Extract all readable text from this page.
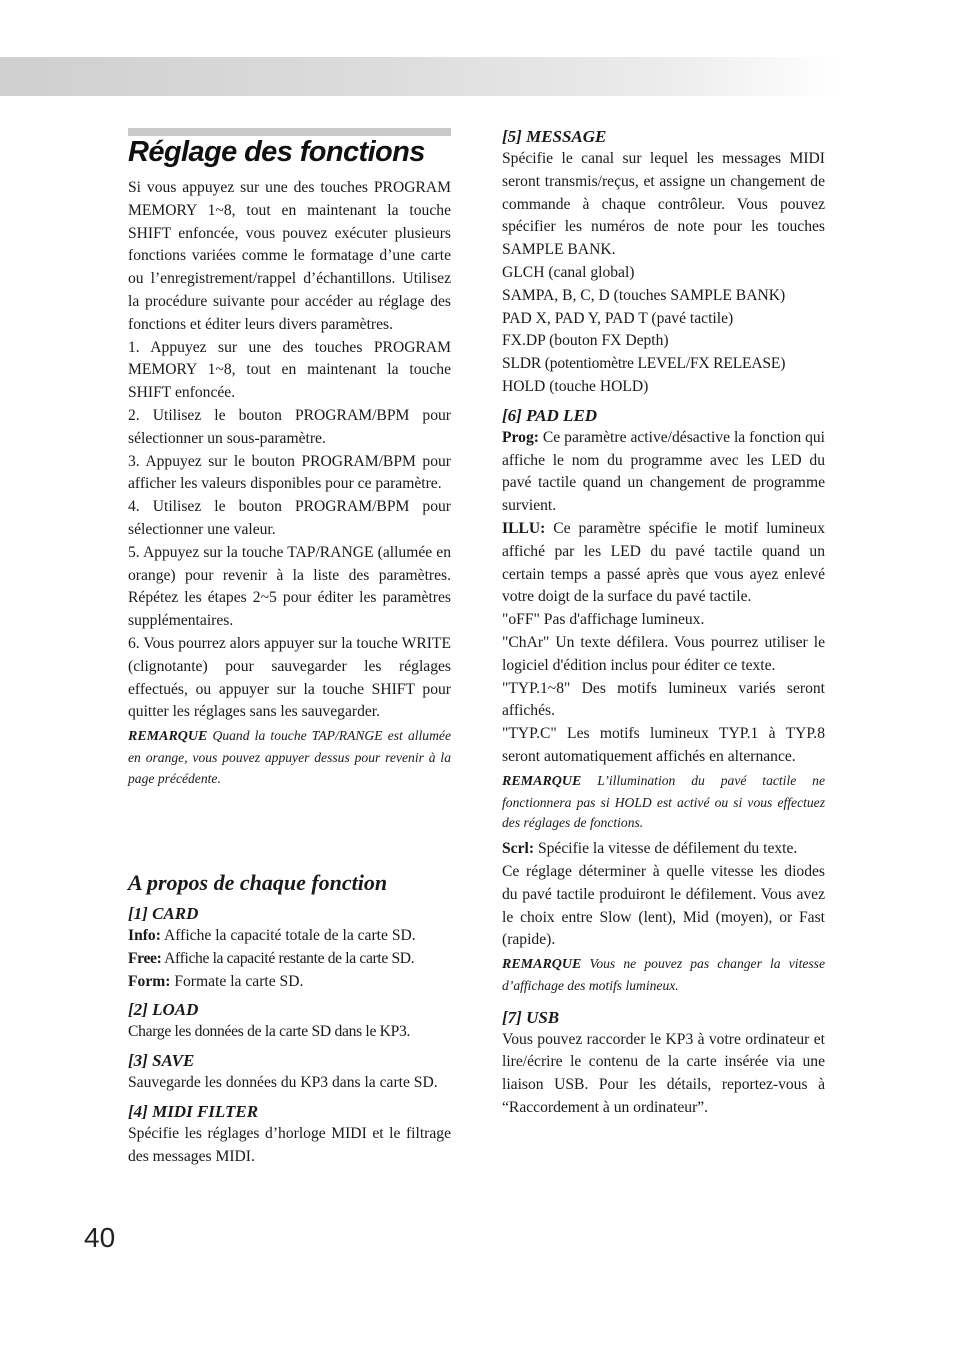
Réglage des fonctions

Si vous appuyez sur une des touches PROGRAM MEMORY 1~8, tout en maintenant la touche SHIFT enfoncée, vous pouvez exécuter plusieurs fonctions variées comme le formatage d’une carte ou l’enregistrement/rappel d’échantillons. Utilisez la procédure suivante pour accéder au réglage des fonctions et éditer leurs divers paramètres.

1. Appuyez sur une des touches PROGRAM MEMORY 1~8, tout en maintenant la touche SHIFT enfoncée.

2. Utilisez le bouton PROGRAM/BPM pour sélectionner un sous-paramètre.

3. Appuyez sur le bouton PROGRAM/BPM pour afficher les valeurs disponibles pour ce paramètre.

4. Utilisez le bouton PROGRAM/BPM pour sélectionner une valeur.

5. Appuyez sur la touche TAP/RANGE (allumée en orange) pour revenir à la liste des paramètres. Répétez les étapes 2~5 pour éditer les paramètres supplémentaires.

6. Vous pourrez alors appuyer sur la touche WRITE (clignotante) pour sauvegarder les réglages effectués, ou appuyer sur la touche SHIFT pour quitter les réglages sans les sauvegarder.

REMARQUE Quand la touche TAP/RANGE est allumée en orange, vous pouvez appuyer dessus pour revenir à la page précédente.

A propos de chaque fonction
[1] CARD

Info: Affiche la capacité totale de la carte SD.

Free: Affiche la capacité restante de la carte SD.

Form: Formate la carte SD.

[2] LOAD

Charge les données de la carte SD dans le KP3.

[3] SAVE

Sauvegarde les données du KP3 dans la carte SD.

[4] MIDI FILTER

Spécifie les réglages d’horloge MIDI et le filtrage des messages MIDI.

[5] MESSAGE

Spécifie le canal sur lequel les messages MIDI seront transmis/reçus, et assigne un changement de commande à chaque contrôleur. Vous pouvez spécifier les numéros de note pour les touches SAMPLE BANK.

GLCH (canal global)

SAMPA, B, C, D (touches SAMPLE BANK)

PAD X, PAD Y, PAD T (pavé tactile)

FX.DP (bouton FX Depth)

SLDR (potentiomètre LEVEL/FX RELEASE)

HOLD (touche HOLD)

[6] PAD LED

Prog: Ce paramètre active/désactive la fonction qui affiche le nom du programme avec les LED du pavé tactile quand un changement de programme survient.

ILLU: Ce paramètre spécifie le motif lumineux affiché par les LED du pavé tactile quand un certain temps a passé après que vous ayez enlevé votre doigt de la surface du pavé tactile.

"oFF" Pas d'affichage lumineux.

"ChAr" Un texte défilera. Vous pourrez utiliser le logiciel d'édition inclus pour éditer ce texte.

"TYP.1~8" Des motifs lumineux variés seront affichés.

"TYP.C" Les motifs lumineux TYP.1 à TYP.8 seront automatiquement affichés en alternance.

REMARQUE L’illumination du pavé tactile ne fonctionnera pas si HOLD est activé ou si vous effectuez des réglages de fonctions.

Scrl: Spécifie la vitesse de défilement du texte.

Ce réglage déterminer à quelle vitesse les diodes du pavé tactile produiront le défilement. Vous avez le choix entre Slow (lent), Mid (moyen), or Fast (rapide).

REMARQUE Vous ne pouvez pas changer la vitesse d’affichage des motifs lumineux.

[7] USB

Vous pouvez raccorder le KP3 à votre ordinateur et lire/écrire le contenu de la carte insérée via une liaison USB. Pour les détails, reportez-vous à “Raccordement à un ordinateur”.

40
